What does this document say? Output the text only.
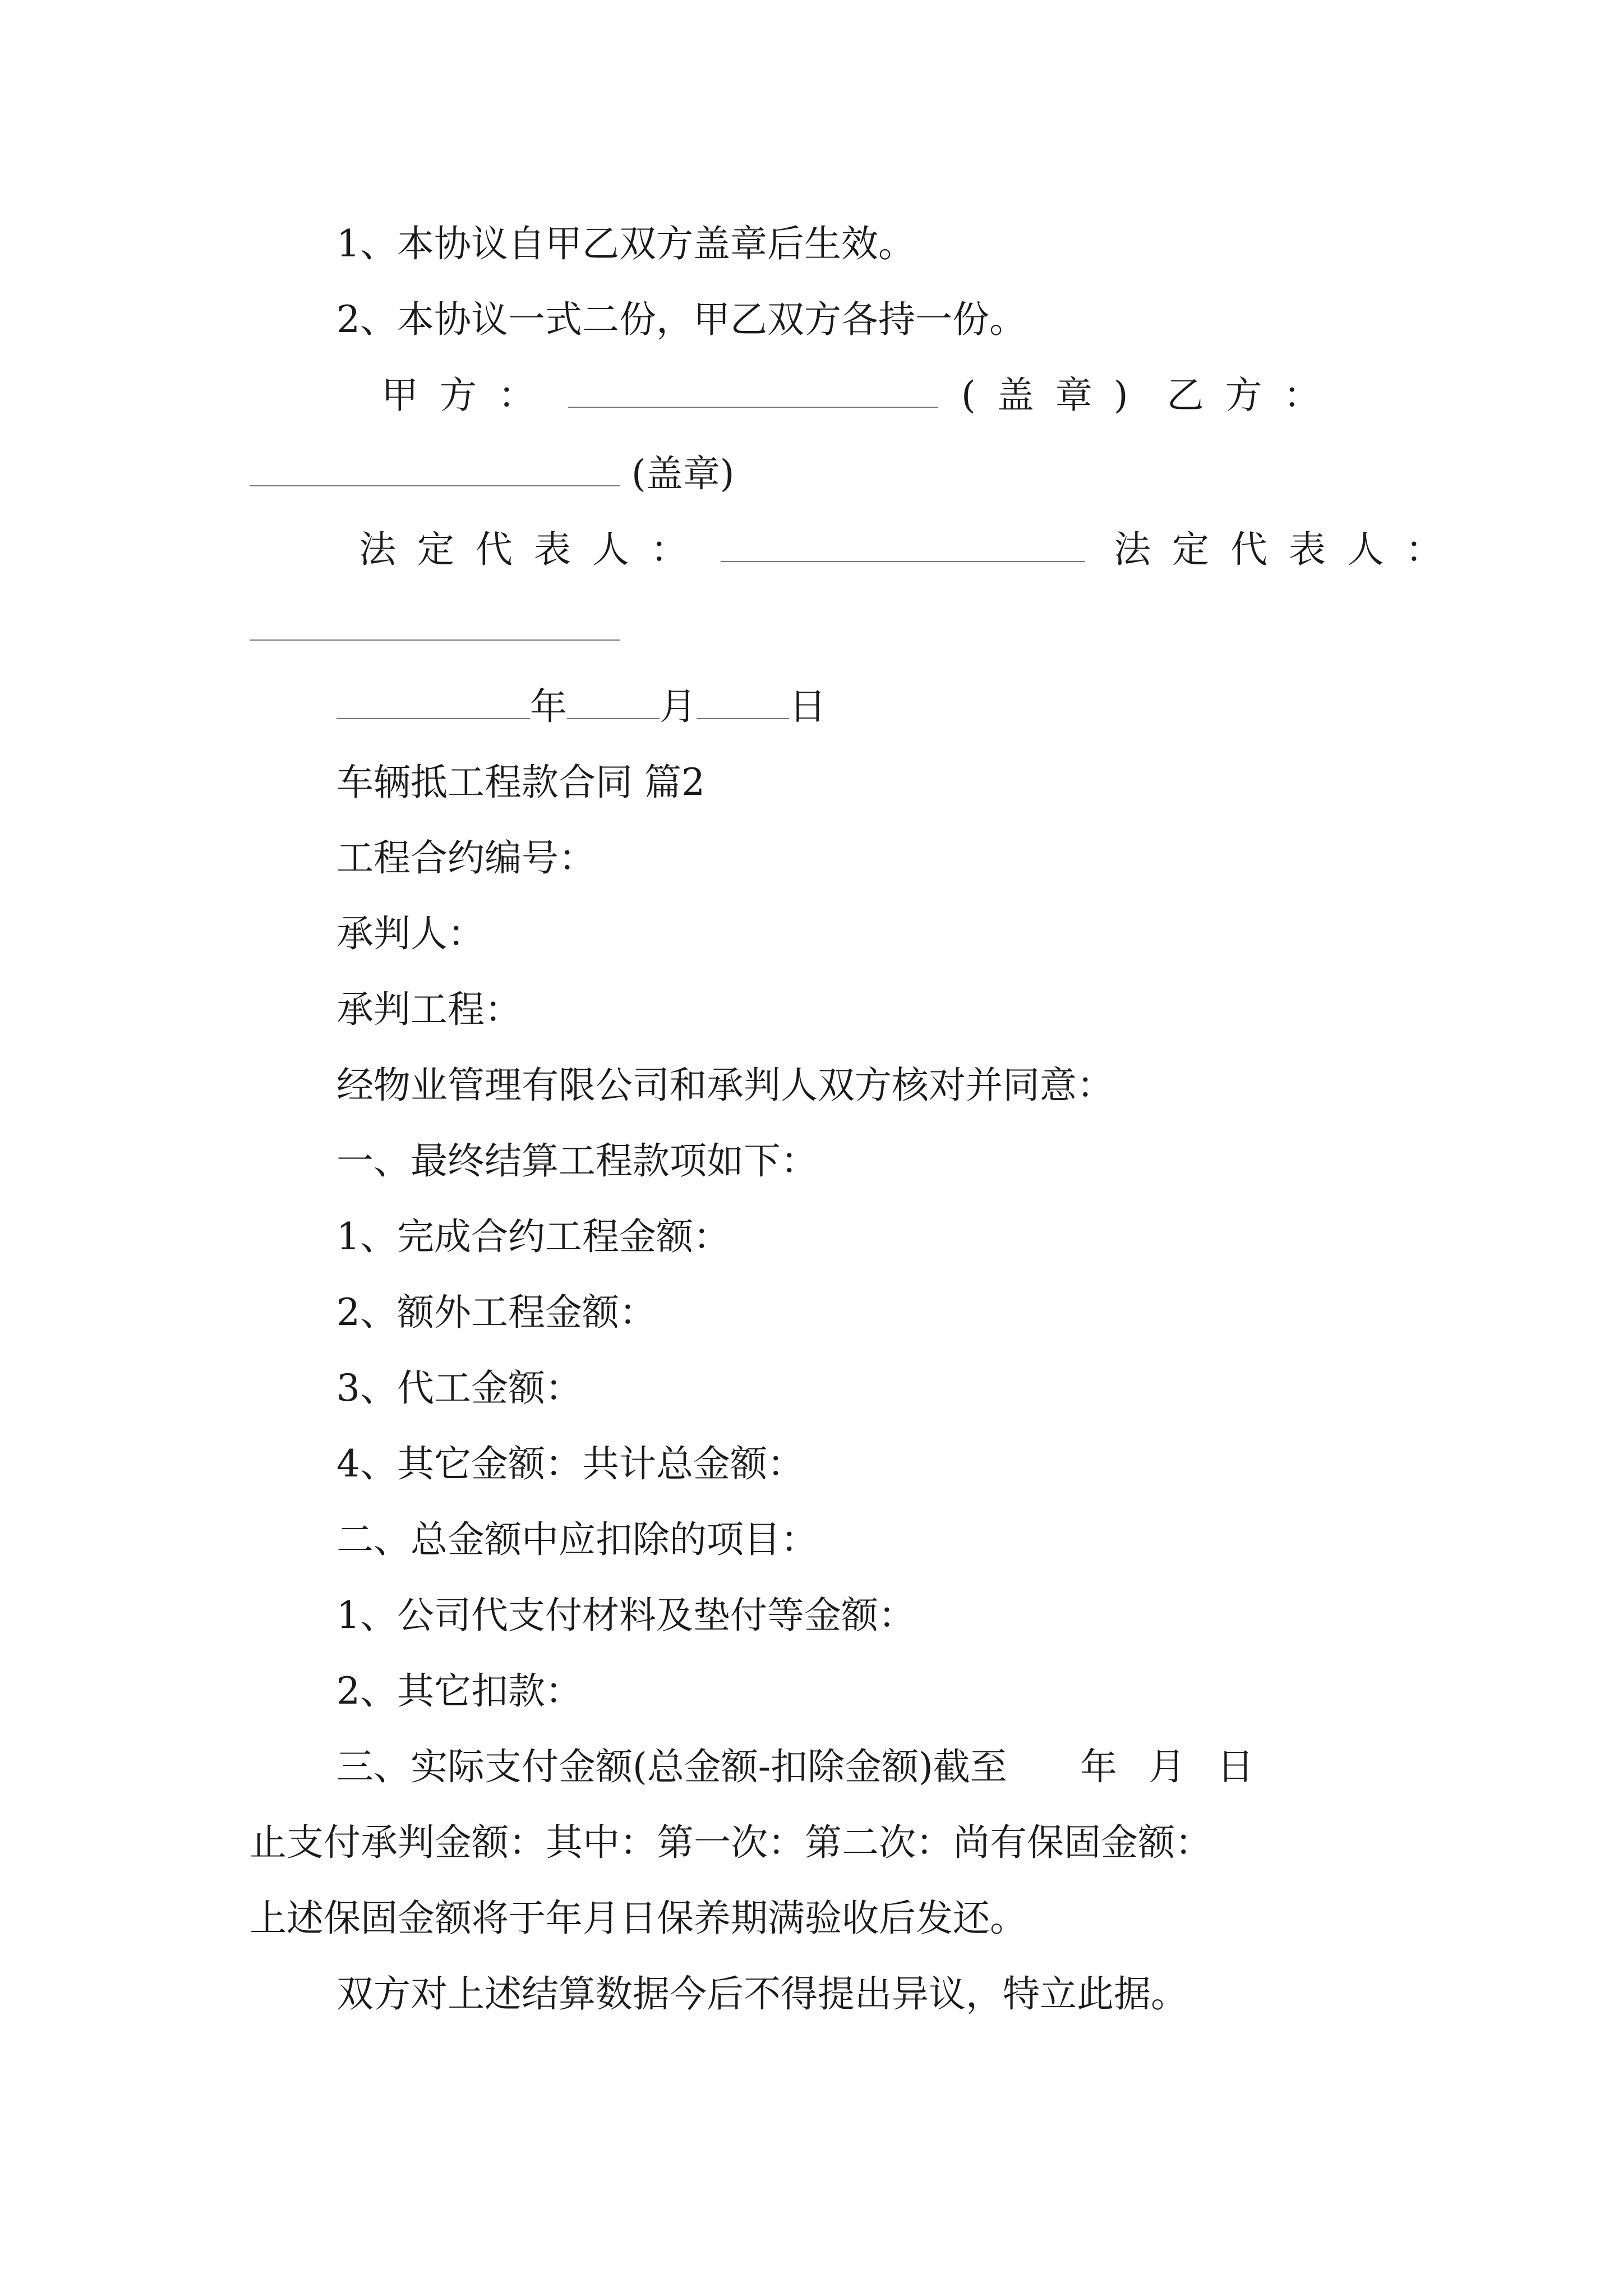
1、本协议自甲乙双方盖章后生效。
2、本协议一式二份，甲乙双方各持一份。
甲方：	(盖章) 乙方：
(盖章)
法定代表人：	法定代表人：
年	月	日
车辆抵工程款合同 篇2
工程合约编号：
承判人：
承判工程：
经物业管理有限公司和承判人双方核对并同意：
一、最终结算工程款项如下：
1、完成合约工程金额：
2、额外工程金额：
3、代工金额：
4、其它金额：共计总金额：
二、总金额中应扣除的项目：
1、公司代支付材料及垫付等金额：
2、其它扣款：
三、实际支付金额(总金额-扣除金额)截至 年 月 日
止支付承判金额：其中：第一次：第二次：尚有保固金额：
上述保固金额将于年月日保养期满验收后发还。
双方对上述结算数据今后不得提出异议，特立此据。
